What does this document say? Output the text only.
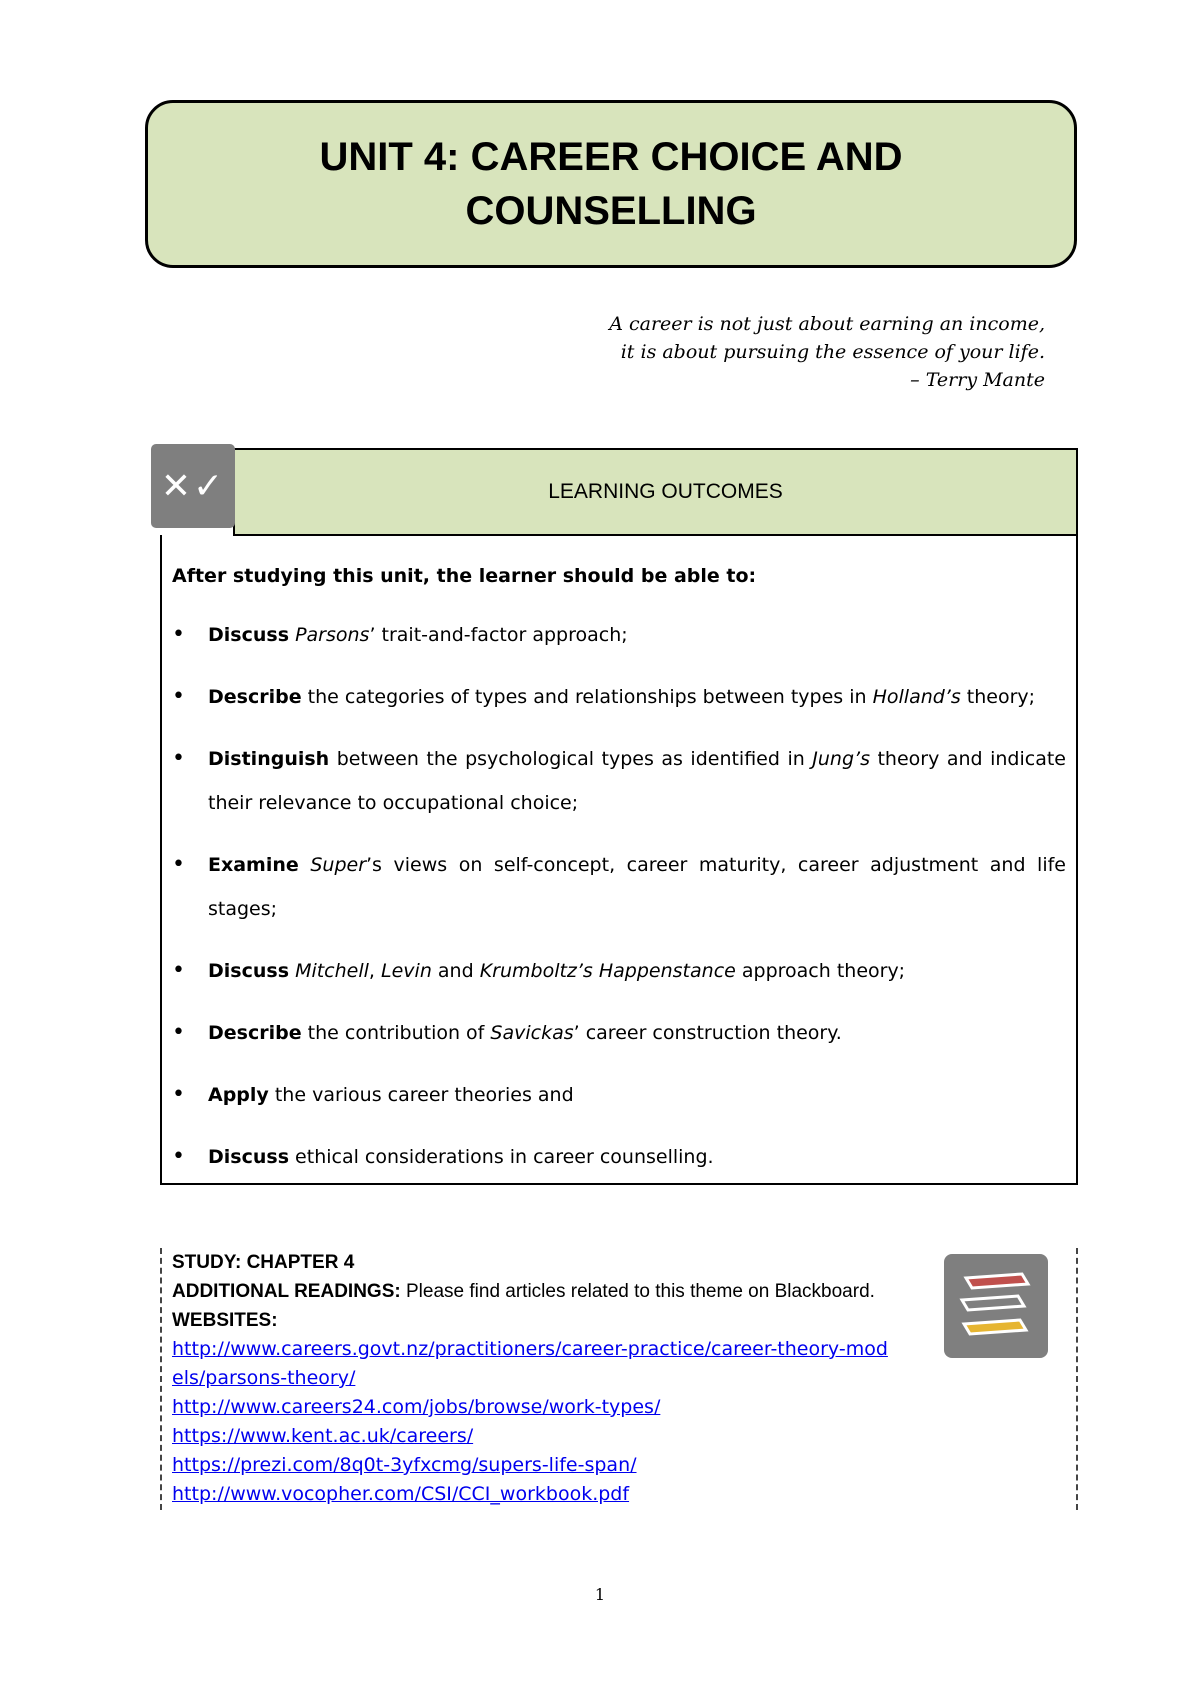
UNIT 4: CAREER CHOICE AND
COUNSELLING
A career is not just about earning an income,
it is about pursuing the essence of your life.
– Terry Mante
LEARNING OUTCOMES
✕✓

After studying this unit, the learner should be able to:

• Discuss Parsons’ trait-and-factor approach;
• Describe the categories of types and relationships between types in Holland’s theory;
• Distinguish between the psychological types as identified in Jung’s theory and indicate their relevance to occupational choice;
• Examine Super’s views on self-concept, career maturity, career adjustment and life stages;
• Discuss Mitchell, Levin and Krumboltz’s Happenstance approach theory;
• Describe the contribution of Savickas’ career construction theory.
• Apply the various career theories and
• Discuss ethical considerations in career counselling.
STUDY: CHAPTER 4
ADDITIONAL READINGS: Please find articles related to this theme on Blackboard.
WEBSITES:
http://www.careers.govt.nz/practitioners/career-practice/career-theory-models/parsons-theory/
http://www.careers24.com/jobs/browse/work-types/
https://www.kent.ac.uk/careers/
https://prezi.com/8q0t-3yfxcmg/supers-life-span/
http://www.vocopher.com/CSI/CCI_workbook.pdf
1
